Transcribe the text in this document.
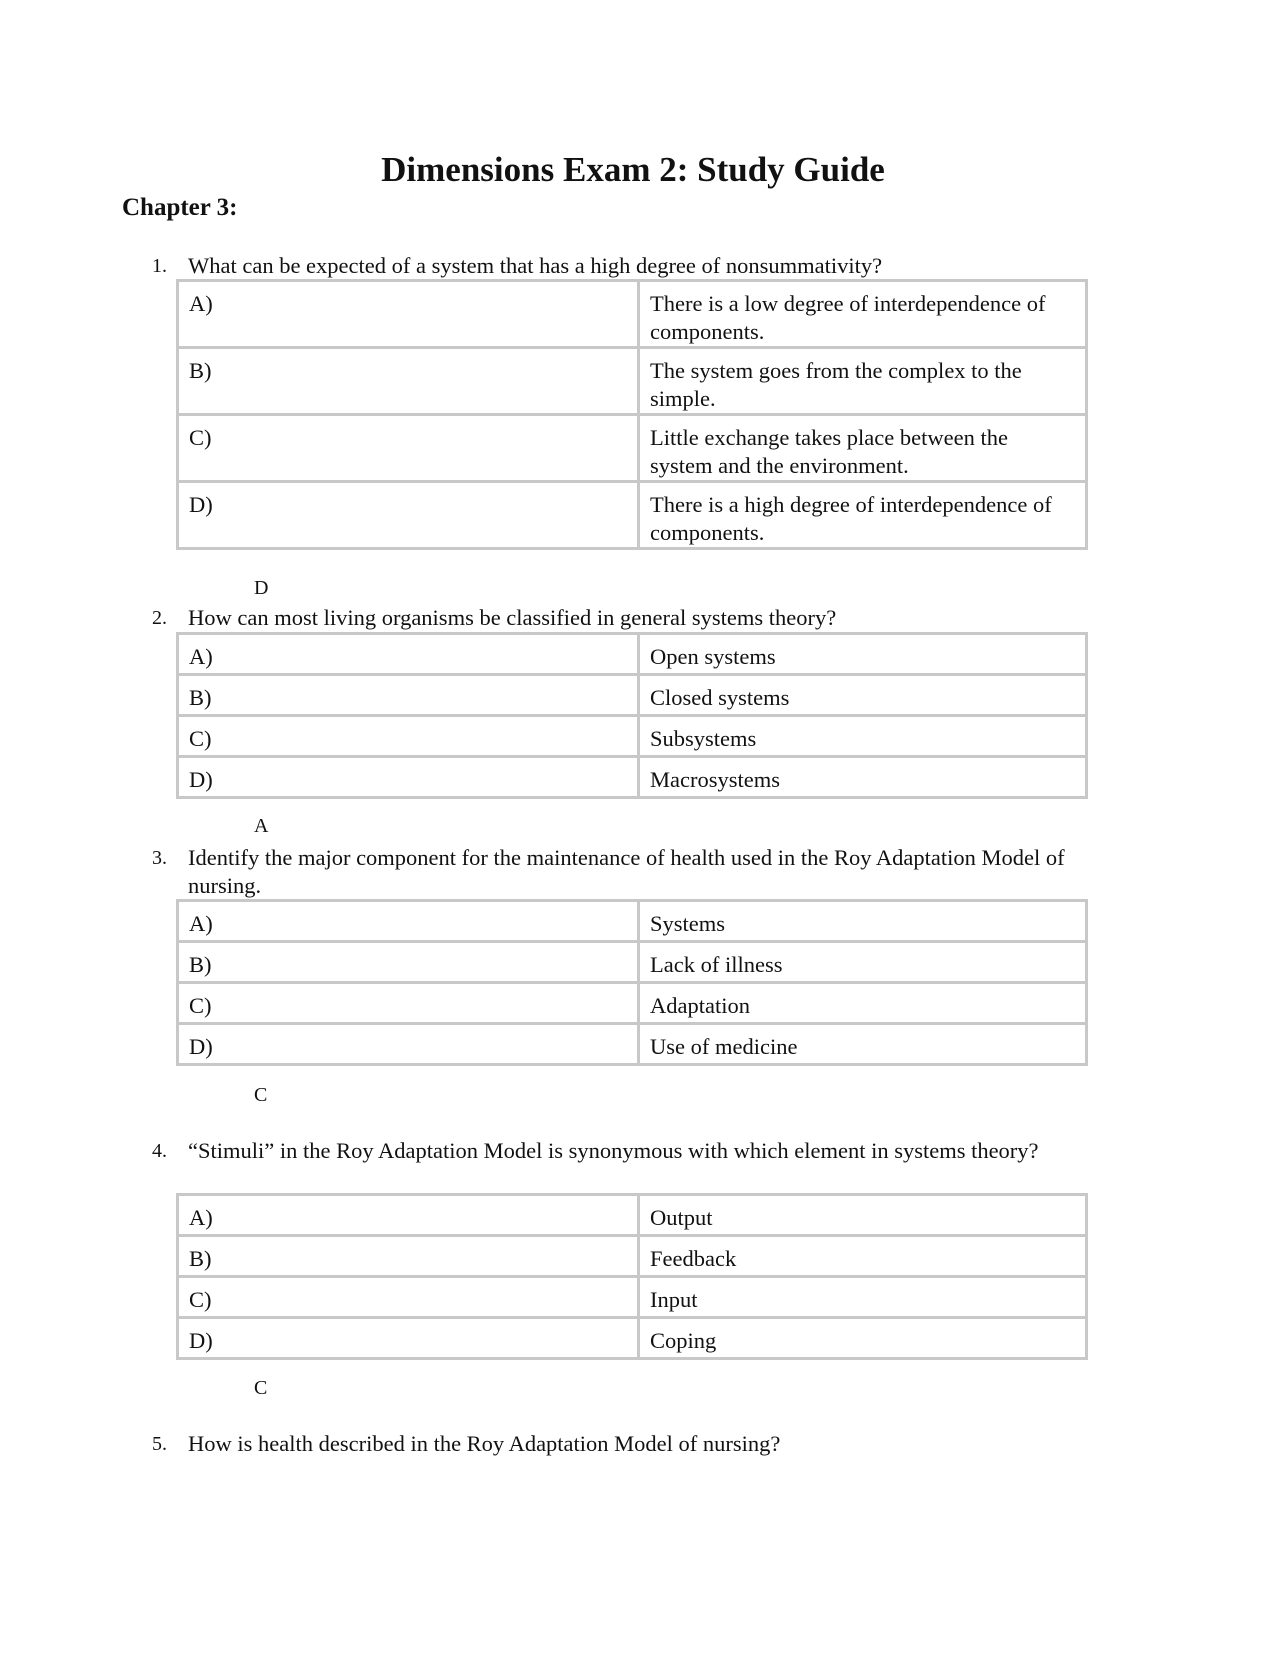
Dimensions Exam 2: Study Guide
Chapter 3:
1. What can be expected of a system that has a high degree of nonsummativity?
A)	There is a low degree of interdependence of components.
B)	The system goes from the complex to the simple.
C)	Little exchange takes place between the system and the environment.
D)	There is a high degree of interdependence of components.
D
2. How can most living organisms be classified in general systems theory?
A)	Open systems
B)	Closed systems
C)	Subsystems
D)	Macrosystems
A
3. Identify the major component for the maintenance of health used in the Roy Adaptation Model of nursing.
A)	Systems
B)	Lack of illness
C)	Adaptation
D)	Use of medicine
C
4. “Stimuli” in the Roy Adaptation Model is synonymous with which element in systems theory?
A)	Output
B)	Feedback
C)	Input
D)	Coping
C
5. How is health described in the Roy Adaptation Model of nursing?
